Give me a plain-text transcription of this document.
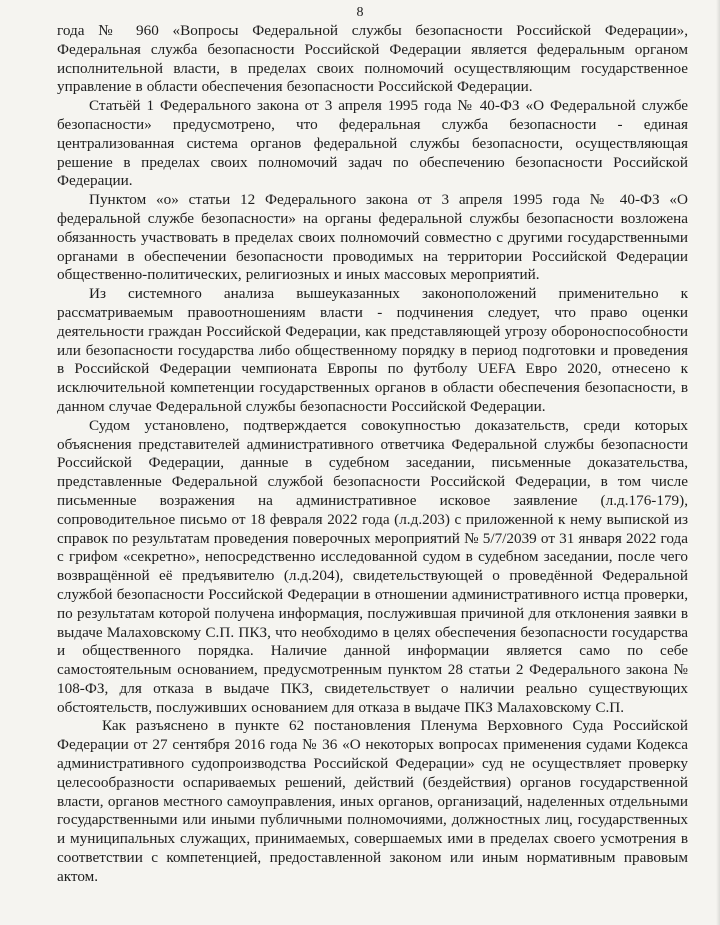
8

года № 960 «Вопросы Федеральной службы безопасности Российской Федерации», Федеральная служба безопасности Российской Федерации является федеральным органом исполнительной власти, в пределах своих полномочий осуществляющим государственное управление в области обеспечения безопасности Российской Федерации.

Статьёй 1 Федерального закона от 3 апреля 1995 года № 40-ФЗ «О Федеральной службе безопасности» предусмотрено, что федеральная служба безопасности - единая централизованная система органов федеральной службы безопасности, осуществляющая решение в пределах своих полномочий задач по обеспечению безопасности Российской Федерации.

Пунктом «о» статьи 12 Федерального закона от 3 апреля 1995 года № 40-ФЗ «О федеральной службе безопасности» на органы федеральной службы безопасности возложена обязанность участвовать в пределах своих полномочий совместно с другими государственными органами в обеспечении безопасности проводимых на территории Российской Федерации общественно-политических, религиозных и иных массовых мероприятий.

Из системного анализа вышеуказанных законоположений применительно к рассматриваемым правоотношениям власти - подчинения следует, что право оценки деятельности граждан Российской Федерации, как представляющей угрозу обороноспособности или безопасности государства либо общественному порядку в период подготовки и проведения в Российской Федерации чемпионата Европы по футболу UEFA Евро 2020, отнесено к исключительной компетенции государственных органов в области обеспечения безопасности, в данном случае Федеральной службы безопасности Российской Федерации.

Судом установлено, подтверждается совокупностью доказательств, среди которых объяснения представителей административного ответчика Федеральной службы безопасности Российской Федерации, данные в судебном заседании, письменные доказательства, представленные Федеральной службой безопасности Российской Федерации, в том числе письменные возражения на административное исковое заявление (л.д.176-179), сопроводительное письмо от 18 февраля 2022 года (л.д.203) с приложенной к нему выпиской из справок по результатам проведения поверочных мероприятий № 5/7/2039 от 31 января 2022 года с грифом «секретно», непосредственно исследованной судом в судебном заседании, после чего возвращённой её предъявителю (л.д.204), свидетельствующей о проведённой Федеральной службой безопасности Российской Федерации в отношении административного истца проверки, по результатам которой получена информация, послужившая причиной для отклонения заявки в выдаче Малаховскому С.П. ПКЗ, что необходимо в целях обеспечения безопасности государства и общественного порядка. Наличие данной информации является само по себе самостоятельным основанием, предусмотренным пунктом 28 статьи 2 Федерального закона № 108-ФЗ, для отказа в выдаче ПКЗ, свидетельствует о наличии реально существующих обстоятельств, послуживших основанием для отказа в выдаче ПКЗ Малаховскому С.П.

Как разъяснено в пункте 62 постановления Пленума Верховного Суда Российской Федерации от 27 сентября 2016 года № 36 «О некоторых вопросах применения судами Кодекса административного судопроизводства Российской Федерации» суд не осуществляет проверку целесообразности оспариваемых решений, действий (бездействия) органов государственной власти, органов местного самоуправления, иных органов, организаций, наделенных отдельными государственными или иными публичными полномочиями, должностных лиц, государственных и муниципальных служащих, принимаемых, совершаемых ими в пределах своего усмотрения в соответствии с компетенцией, предоставленной законом или иным нормативным правовым актом.
